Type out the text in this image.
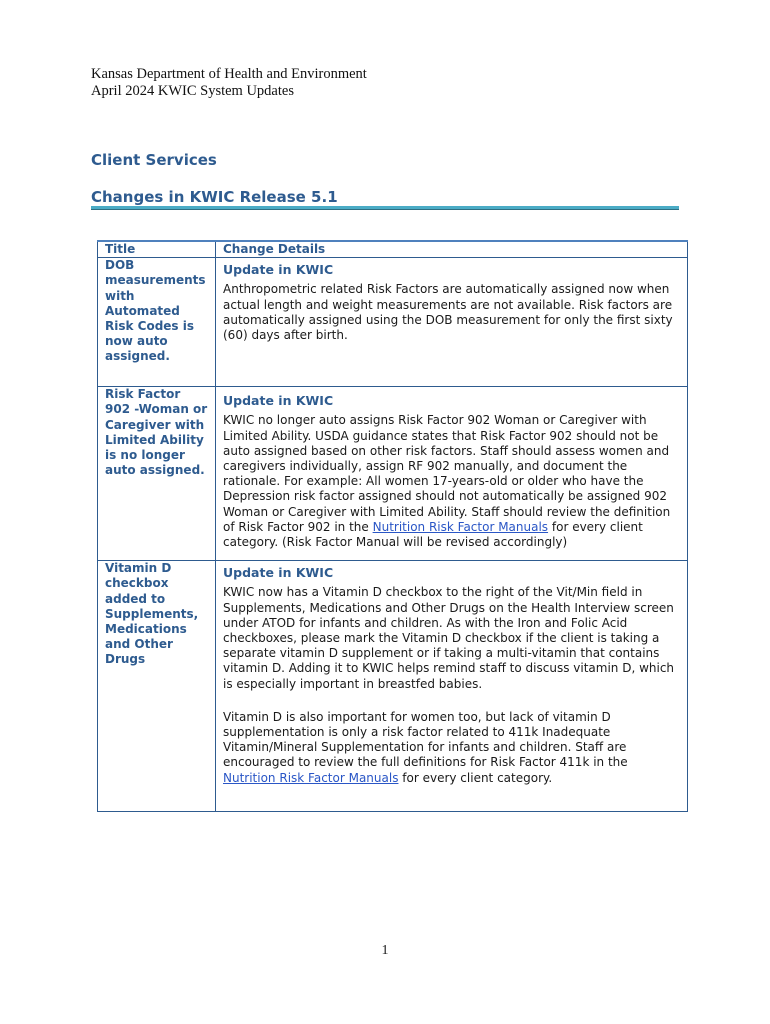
Kansas Department of Health and Environment
April 2024 KWIC System Updates
Client Services
Changes in KWIC Release 5.1
Title	Change Details
DOB measurements with Automated Risk Codes is now auto assigned.	Update in KWIC
Anthropometric related Risk Factors are automatically assigned now when actual length and weight measurements are not available. Risk factors are automatically assigned using the DOB measurement for only the first sixty (60) days after birth.
Risk Factor 902 -Woman or Caregiver with Limited Ability is no longer auto assigned.	Update in KWIC
KWIC no longer auto assigns Risk Factor 902 Woman or Caregiver with Limited Ability. USDA guidance states that Risk Factor 902 should not be auto assigned based on other risk factors. Staff should assess women and caregivers individually, assign RF 902 manually, and document the rationale. For example: All women 17-years-old or older who have the Depression risk factor assigned should not automatically be assigned 902 Woman or Caregiver with Limited Ability. Staff should review the definition of Risk Factor 902 in the Nutrition Risk Factor Manuals for every client category. (Risk Factor Manual will be revised accordingly)
Vitamin D checkbox added to Supplements, Medications and Other Drugs	Update in KWIC
KWIC now has a Vitamin D checkbox to the right of the Vit/Min field in Supplements, Medications and Other Drugs on the Health Interview screen under ATOD for infants and children. As with the Iron and Folic Acid checkboxes, please mark the Vitamin D checkbox if the client is taking a separate vitamin D supplement or if taking a multi-vitamin that contains vitamin D. Adding it to KWIC helps remind staff to discuss vitamin D, which is especially important in breastfed babies.
Vitamin D is also important for women too, but lack of vitamin D supplementation is only a risk factor related to 411k Inadequate Vitamin/Mineral Supplementation for infants and children. Staff are encouraged to review the full definitions for Risk Factor 411k in the Nutrition Risk Factor Manuals for every client category.
1
